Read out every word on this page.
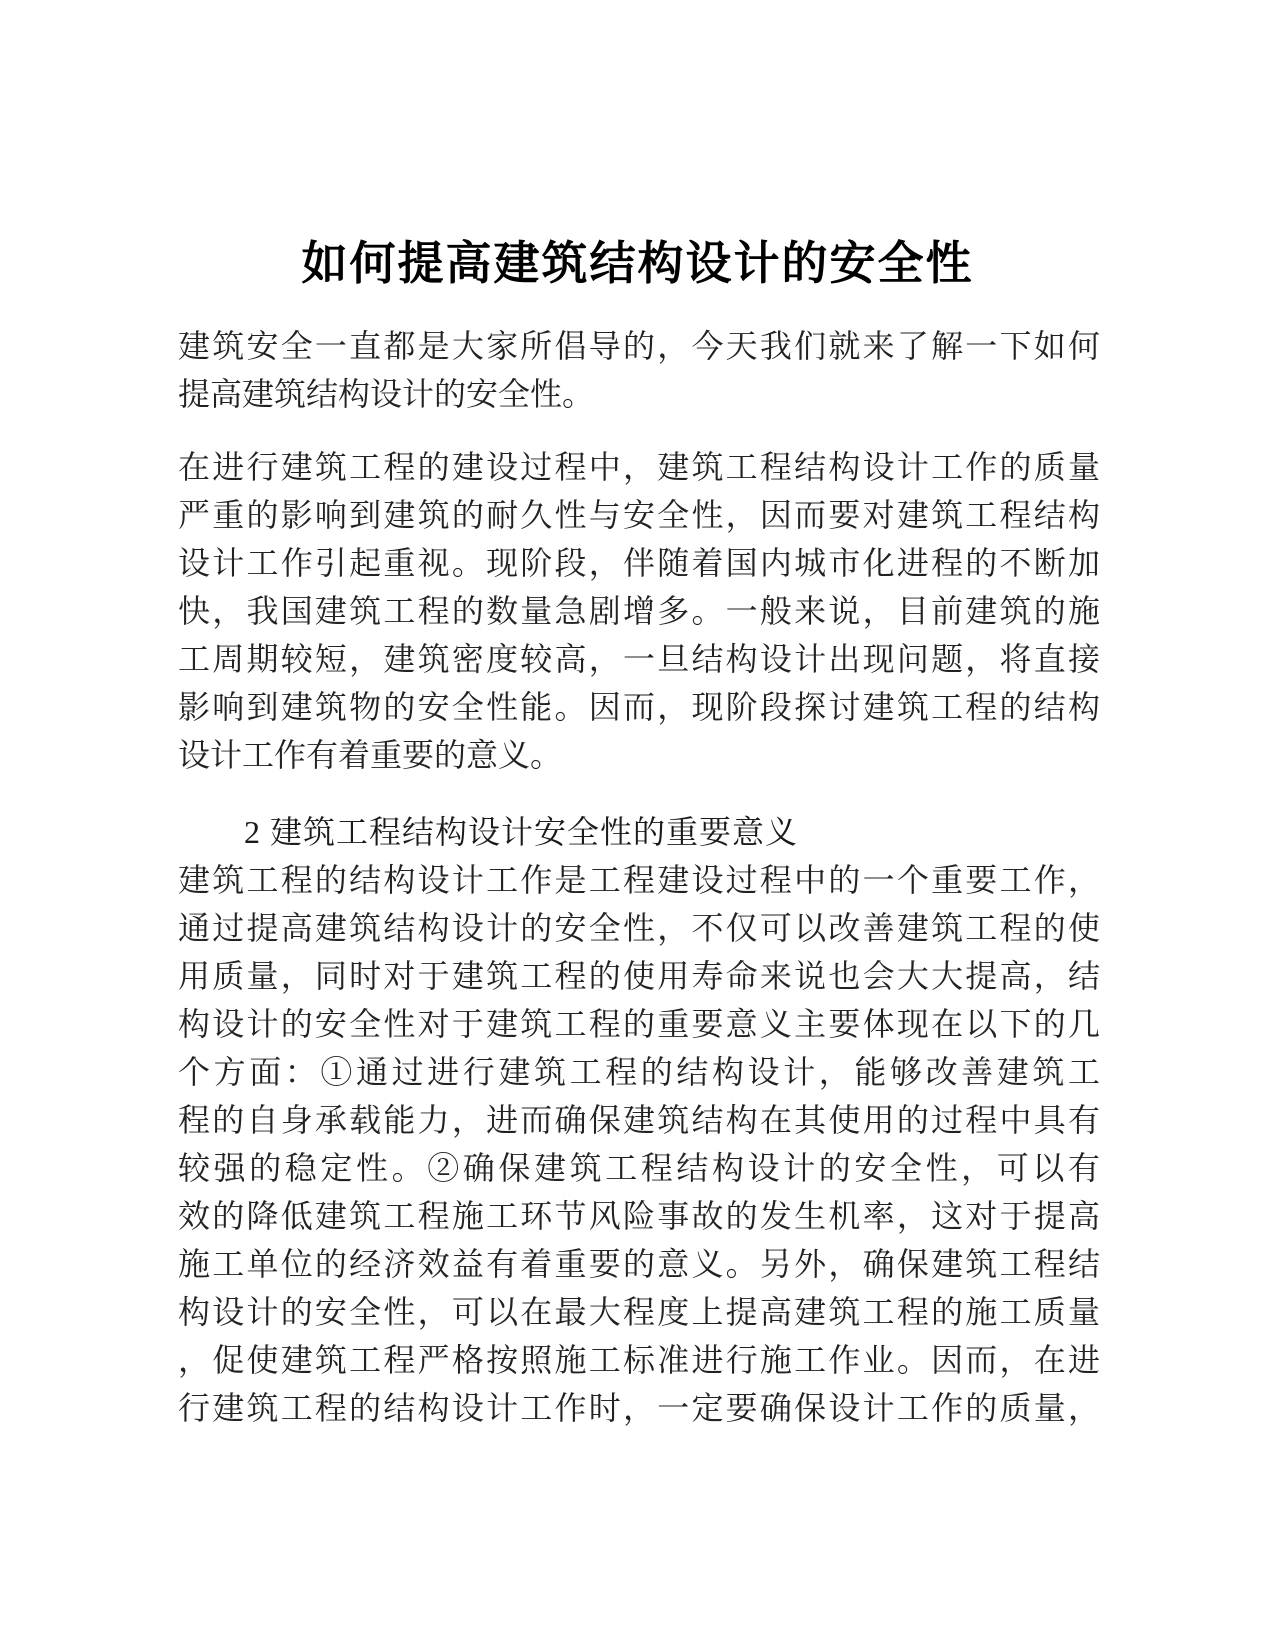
如何提高建筑结构设计的安全性
建筑安全一直都是大家所倡导的，今天我们就来了解一下如何
提高建筑结构设计的安全性。
在进行建筑工程的建设过程中，建筑工程结构设计工作的质量
严重的影响到建筑的耐久性与安全性，因而要对建筑工程结构
设计工作引起重视。现阶段，伴随着国内城市化进程的不断加
快，我国建筑工程的数量急剧增多。一般来说，目前建筑的施
工周期较短，建筑密度较高，一旦结构设计出现问题，将直接
影响到建筑物的安全性能。因而，现阶段探讨建筑工程的结构
设计工作有着重要的意义。
2 建筑工程结构设计安全性的重要意义
建筑工程的结构设计工作是工程建设过程中的一个重要工作，
通过提高建筑结构设计的安全性，不仅可以改善建筑工程的使
用质量，同时对于建筑工程的使用寿命来说也会大大提高，结
构设计的安全性对于建筑工程的重要意义主要体现在以下的几
个方面：①通过进行建筑工程的结构设计，能够改善建筑工
程的自身承载能力，进而确保建筑结构在其使用的过程中具有
较强的稳定性。②确保建筑工程结构设计的安全性，可以有
效的降低建筑工程施工环节风险事故的发生机率，这对于提高
施工单位的经济效益有着重要的意义。另外，确保建筑工程结
构设计的安全性，可以在最大程度上提高建筑工程的施工质量
，促使建筑工程严格按照施工标准进行施工作业。因而，在进
行建筑工程的结构设计工作时，一定要确保设计工作的质量，
